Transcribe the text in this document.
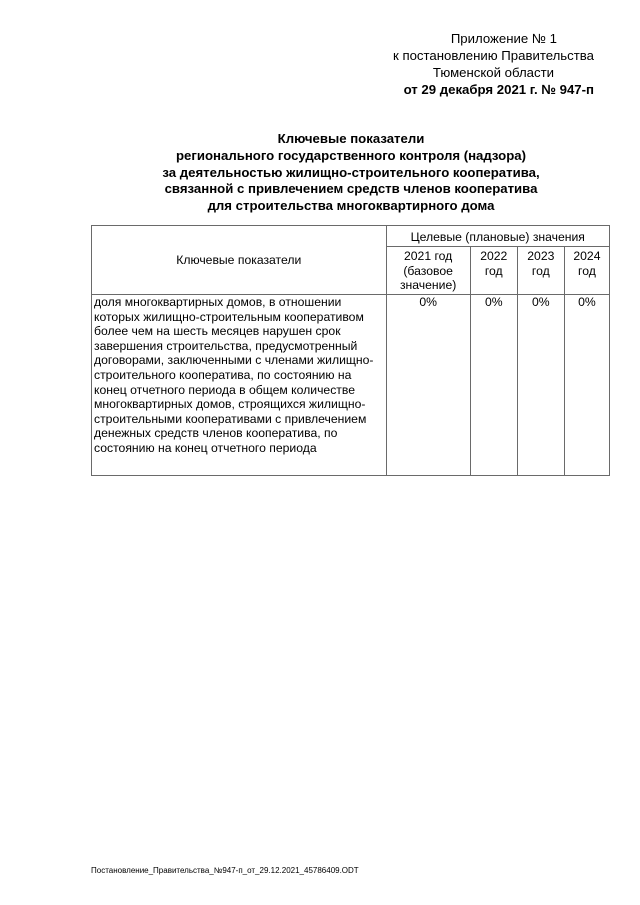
Приложение № 1
к постановлению Правительства
Тюменской области
от 29 декабря 2021 г. № 947-п
Ключевые показатели
регионального государственного контроля (надзора)
за деятельностью жилищно-строительного кооператива,
связанной с привлечением средств членов кооператива
для строительства многоквартирного дома
Ключевые показатели	Целевые (плановые) значения			
	2021 год (базовое значение)	2022 год	2023 год	2024 год
доля многоквартирных домов, в отношении которых жилищно-строительным кооперативом более чем на шесть месяцев нарушен срок завершения строительства, предусмотренный договорами, заключенными с членами жилищно-строительного кооператива, по состоянию на конец отчетного периода в общем количестве многоквартирных домов, строящихся жилищно-строительными кооперативами с привлечением денежных средств членов кооператива, по состоянию на конец отчетного периода	0%	0%	0%	0%
Постановление_Правительства_№947-п_от_29.12.2021_45786409.ODT
